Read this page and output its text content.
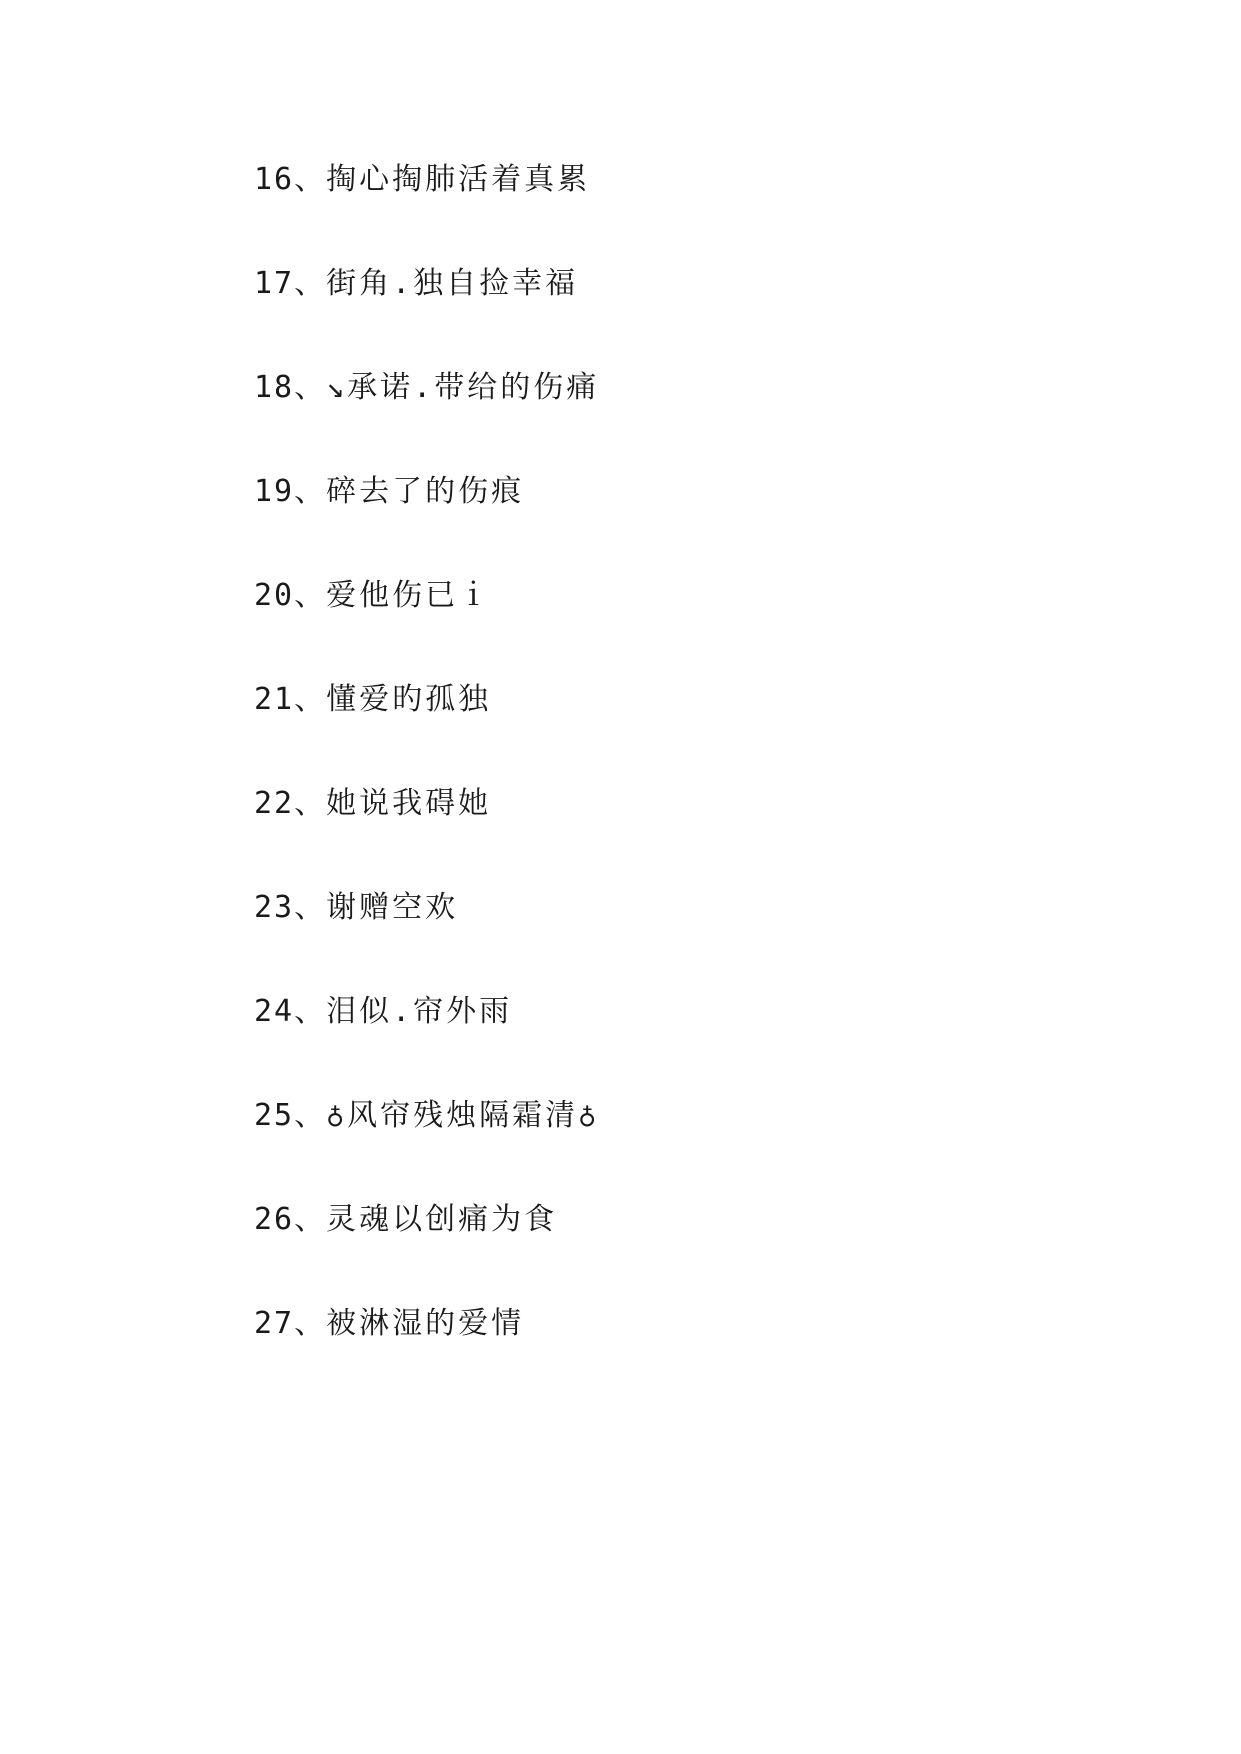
16、掏心掏肺活着真累
17、街角.独自捡幸福
18、↘承诺.带给的伤痛
19、碎去了的伤痕
20、爱他伤已ｉ
21、懂爱旳孤独
22、她说我碍她
23、谢赠空欢
24、泪似.帘外雨
25、♁风帘残烛隔霜清♁
26、灵魂以创痛为食
27、被淋湿的爱情
